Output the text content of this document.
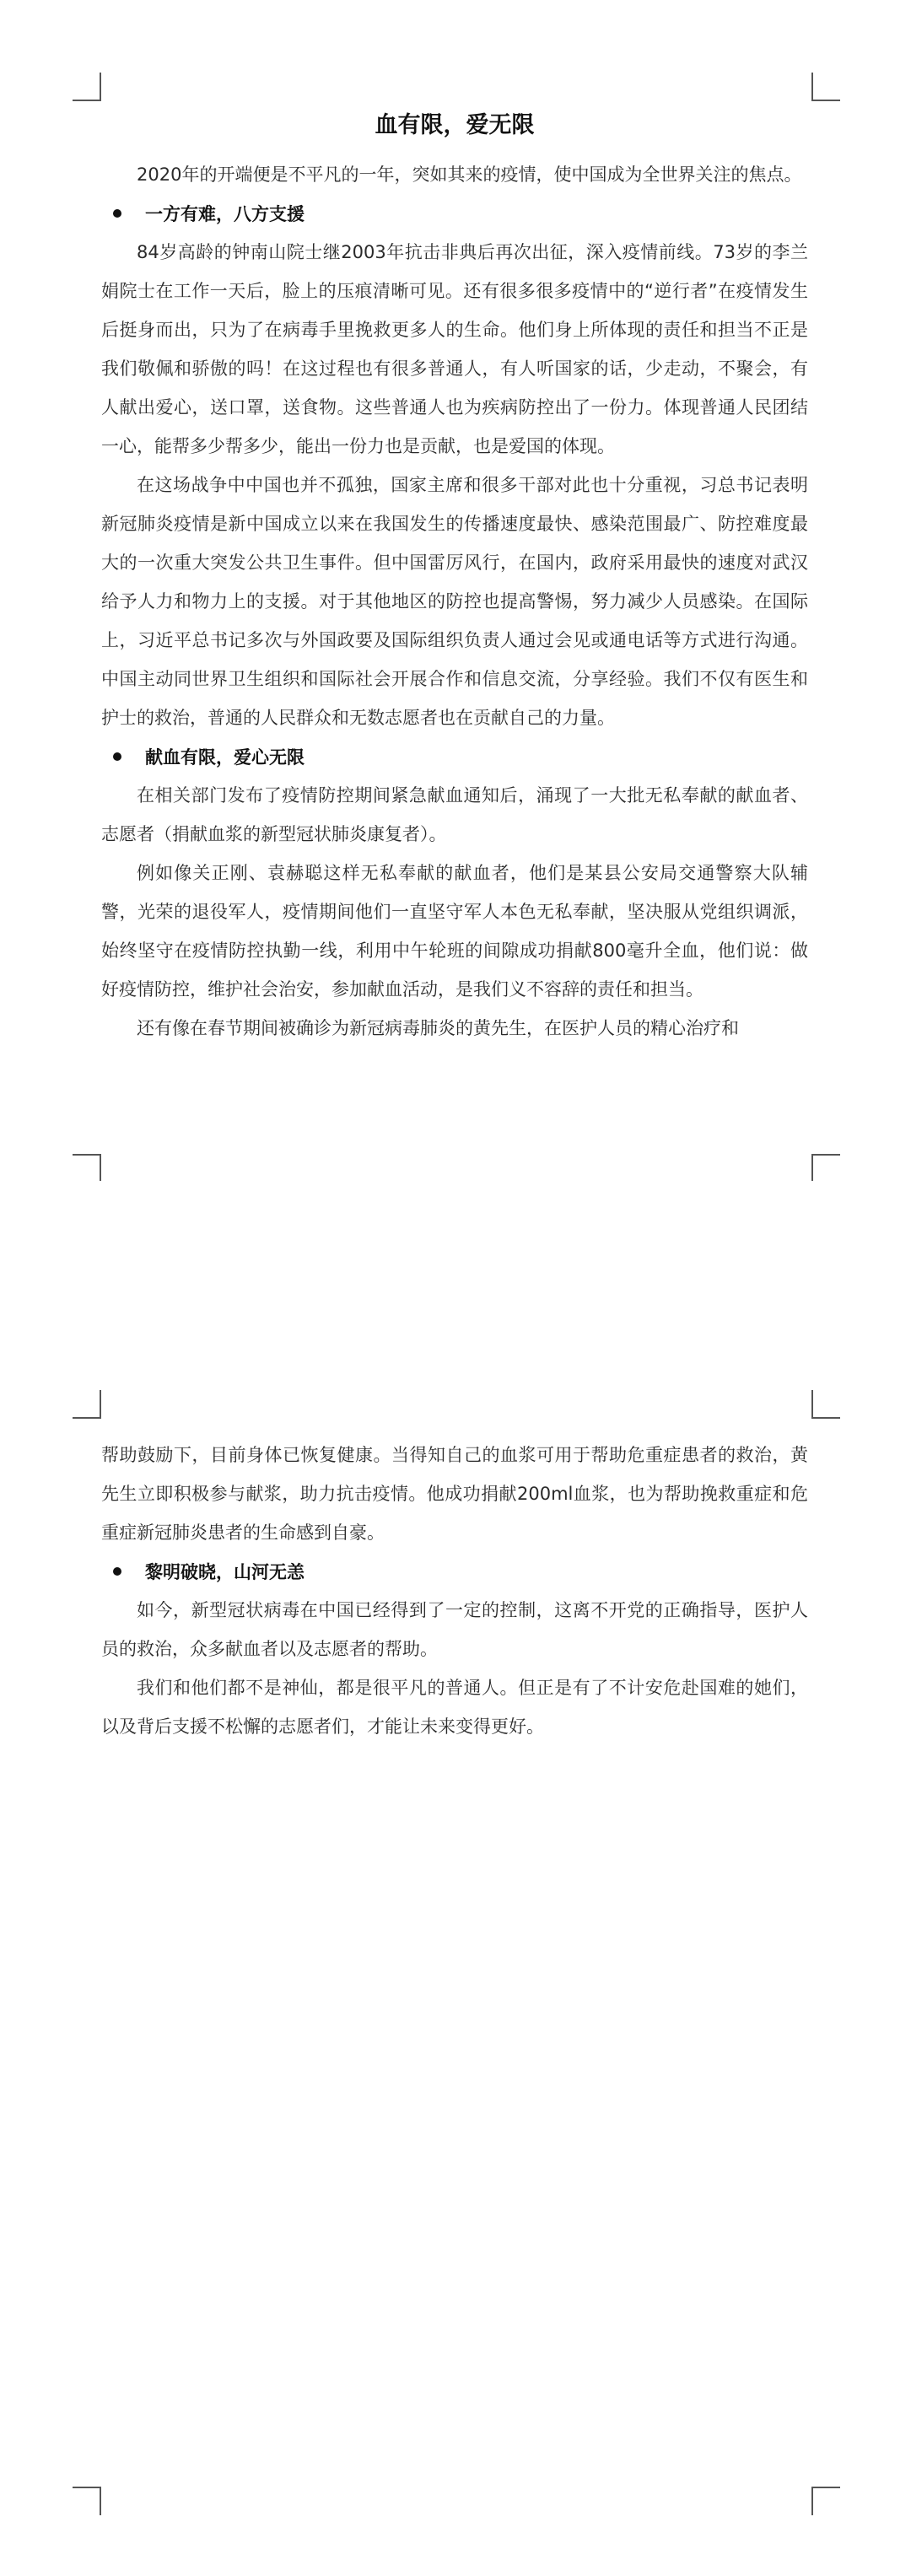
血有限，爱无限

2020年的开端便是不平凡的一年，突如其来的疫情，使中国成为全世界关注的焦点。

一方有难，八方支援

84岁高龄的钟南山院士继2003年抗击非典后再次出征，深入疫情前线。73岁的李兰娟院士在工作一天后，脸上的压痕清晰可见。还有很多很多疫情中的“逆行者”在疫情发生后挺身而出，只为了在病毒手里挽救更多人的生命。他们身上所体现的责任和担当不正是我们敬佩和骄傲的吗！在这过程也有很多普通人，有人听国家的话，少走动，不聚会，有人献出爱心，送口罩，送食物。这些普通人也为疾病防控出了一份力。体现普通人民团结一心，能帮多少帮多少，能出一份力也是贡献，也是爱国的体现。

在这场战争中中国也并不孤独，国家主席和很多干部对此也十分重视，习总书记表明新冠肺炎疫情是新中国成立以来在我国发生的传播速度最快、感染范围最广、防控难度最大的一次重大突发公共卫生事件。但中国雷厉风行，在国内，政府采用最快的速度对武汉给予人力和物力上的支援。对于其他地区的防控也提高警惕，努力减少人员感染。在国际上，习近平总书记多次与外国政要及国际组织负责人通过会见或通电话等方式进行沟通。中国主动同世界卫生组织和国际社会开展合作和信息交流，分享经验。我们不仅有医生和护士的救治，普通的人民群众和无数志愿者也在贡献自己的力量。

献血有限，爱心无限

在相关部门发布了疫情防控期间紧急献血通知后，涌现了一大批无私奉献的献血者、志愿者（捐献血浆的新型冠状肺炎康复者）。

例如像关正刚、袁赫聪这样无私奉献的献血者，他们是某县公安局交通警察大队辅警，光荣的退役军人，疫情期间他们一直坚守军人本色无私奉献，坚决服从党组织调派，始终坚守在疫情防控执勤一线，利用中午轮班的间隙成功捐献800毫升全血，他们说：做好疫情防控，维护社会治安，参加献血活动，是我们义不容辞的责任和担当。

还有像在春节期间被确诊为新冠病毒肺炎的黄先生，在医护人员的精心治疗和

帮助鼓励下，目前身体已恢复健康。当得知自己的血浆可用于帮助危重症患者的救治，黄先生立即积极参与献浆，助力抗击疫情。他成功捐献200ml血浆，也为帮助挽救重症和危重症新冠肺炎患者的生命感到自豪。

黎明破晓，山河无恙

如今，新型冠状病毒在中国已经得到了一定的控制，这离不开党的正确指导，医护人员的救治，众多献血者以及志愿者的帮助。

我们和他们都不是神仙，都是很平凡的普通人。但正是有了不计安危赴国难的她们，以及背后支援不松懈的志愿者们，才能让未来变得更好。
